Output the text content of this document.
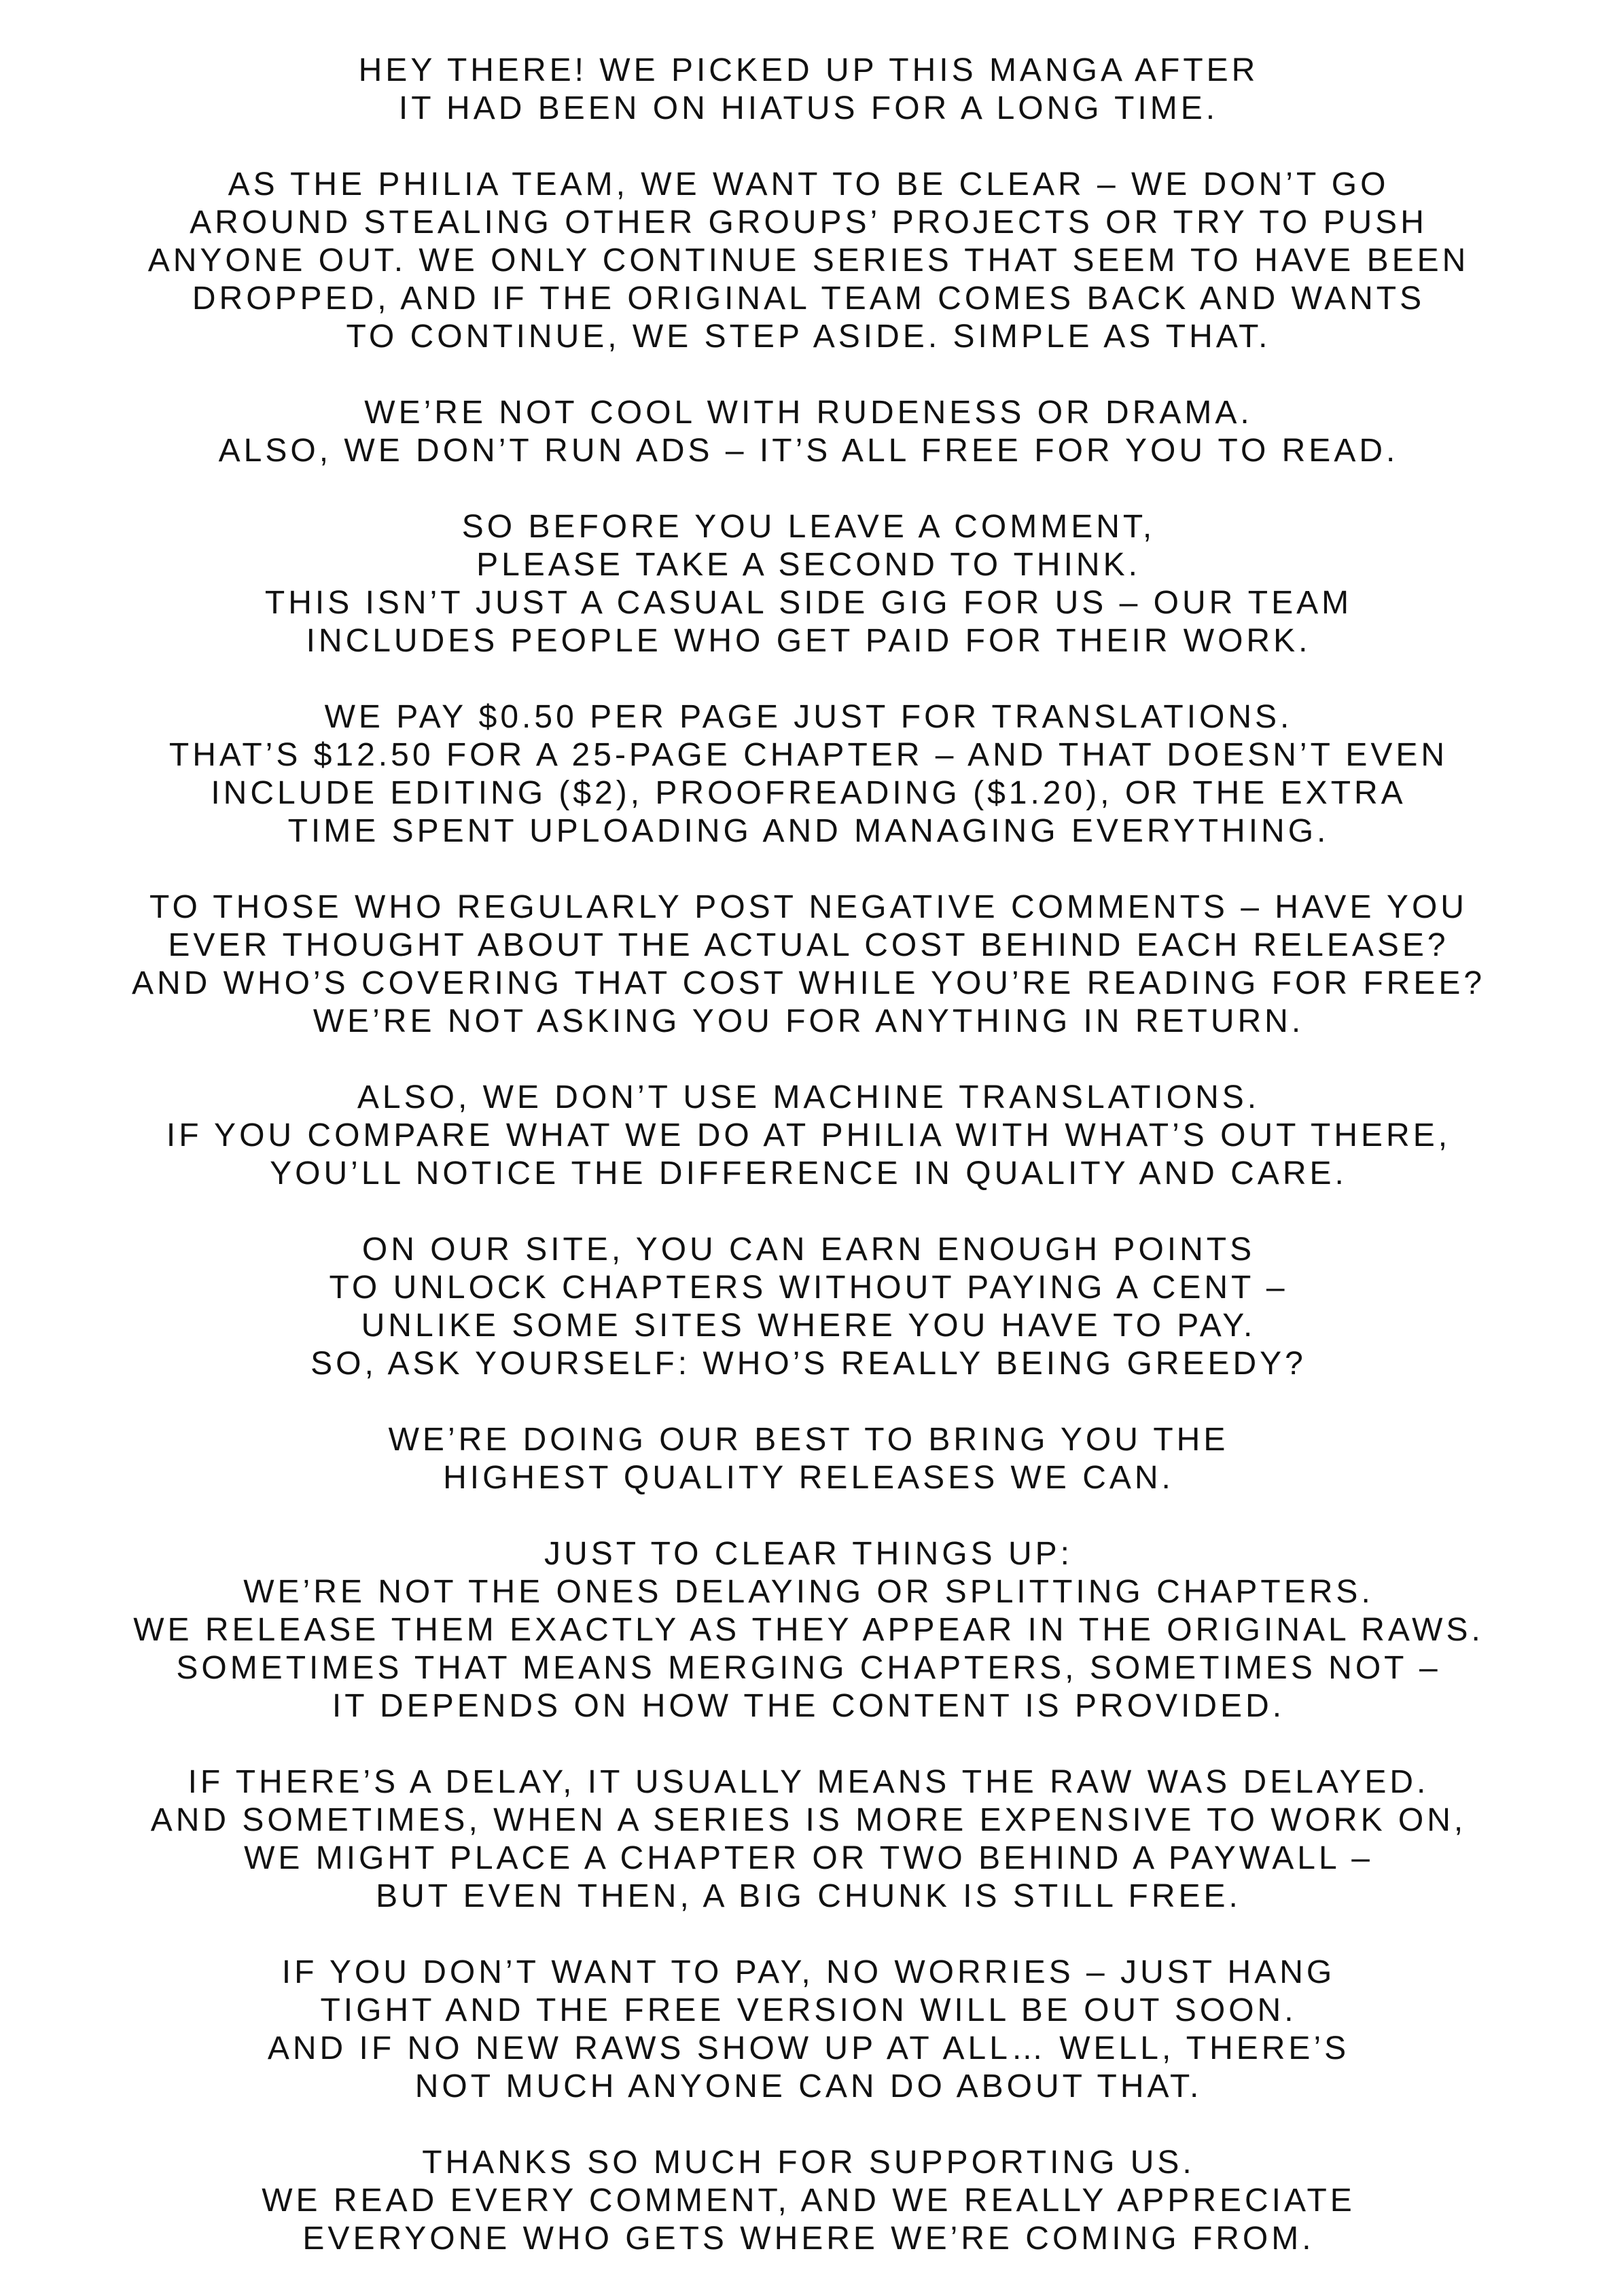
HEY THERE! WE PICKED UP THIS MANGA AFTER
IT HAD BEEN ON HIATUS FOR A LONG TIME.
AS THE PHILIA TEAM, WE WANT TO BE CLEAR – WE DON’T GO
AROUND STEALING OTHER GROUPS’ PROJECTS OR TRY TO PUSH
ANYONE OUT. WE ONLY CONTINUE SERIES THAT SEEM TO HAVE BEEN
DROPPED, AND IF THE ORIGINAL TEAM COMES BACK AND WANTS
TO CONTINUE, WE STEP ASIDE. SIMPLE AS THAT.
WE’RE NOT COOL WITH RUDENESS OR DRAMA.
ALSO, WE DON’T RUN ADS – IT’S ALL FREE FOR YOU TO READ.
SO BEFORE YOU LEAVE A COMMENT,
PLEASE TAKE A SECOND TO THINK.
THIS ISN’T JUST A CASUAL SIDE GIG FOR US – OUR TEAM
INCLUDES PEOPLE WHO GET PAID FOR THEIR WORK.
WE PAY $0.50 PER PAGE JUST FOR TRANSLATIONS.
THAT’S $12.50 FOR A 25-PAGE CHAPTER – AND THAT DOESN’T EVEN
INCLUDE EDITING ($2), PROOFREADING ($1.20), OR THE EXTRA
TIME SPENT UPLOADING AND MANAGING EVERYTHING.
TO THOSE WHO REGULARLY POST NEGATIVE COMMENTS – HAVE YOU
EVER THOUGHT ABOUT THE ACTUAL COST BEHIND EACH RELEASE?
AND WHO’S COVERING THAT COST WHILE YOU’RE READING FOR FREE?
WE’RE NOT ASKING YOU FOR ANYTHING IN RETURN.
ALSO, WE DON’T USE MACHINE TRANSLATIONS.
IF YOU COMPARE WHAT WE DO AT PHILIA WITH WHAT’S OUT THERE,
YOU’LL NOTICE THE DIFFERENCE IN QUALITY AND CARE.
ON OUR SITE, YOU CAN EARN ENOUGH POINTS
TO UNLOCK CHAPTERS WITHOUT PAYING A CENT –
UNLIKE SOME SITES WHERE YOU HAVE TO PAY.
SO, ASK YOURSELF: WHO’S REALLY BEING GREEDY?
WE’RE DOING OUR BEST TO BRING YOU THE
HIGHEST QUALITY RELEASES WE CAN.
JUST TO CLEAR THINGS UP:
WE’RE NOT THE ONES DELAYING OR SPLITTING CHAPTERS.
WE RELEASE THEM EXACTLY AS THEY APPEAR IN THE ORIGINAL RAWS.
SOMETIMES THAT MEANS MERGING CHAPTERS, SOMETIMES NOT –
IT DEPENDS ON HOW THE CONTENT IS PROVIDED.
IF THERE’S A DELAY, IT USUALLY MEANS THE RAW WAS DELAYED.
AND SOMETIMES, WHEN A SERIES IS MORE EXPENSIVE TO WORK ON,
WE MIGHT PLACE A CHAPTER OR TWO BEHIND A PAYWALL –
BUT EVEN THEN, A BIG CHUNK IS STILL FREE.
IF YOU DON’T WANT TO PAY, NO WORRIES – JUST HANG
TIGHT AND THE FREE VERSION WILL BE OUT SOON.
AND IF NO NEW RAWS SHOW UP AT ALL… WELL, THERE’S
NOT MUCH ANYONE CAN DO ABOUT THAT.
THANKS SO MUCH FOR SUPPORTING US.
WE READ EVERY COMMENT, AND WE REALLY APPRECIATE
EVERYONE WHO GETS WHERE WE’RE COMING FROM.
